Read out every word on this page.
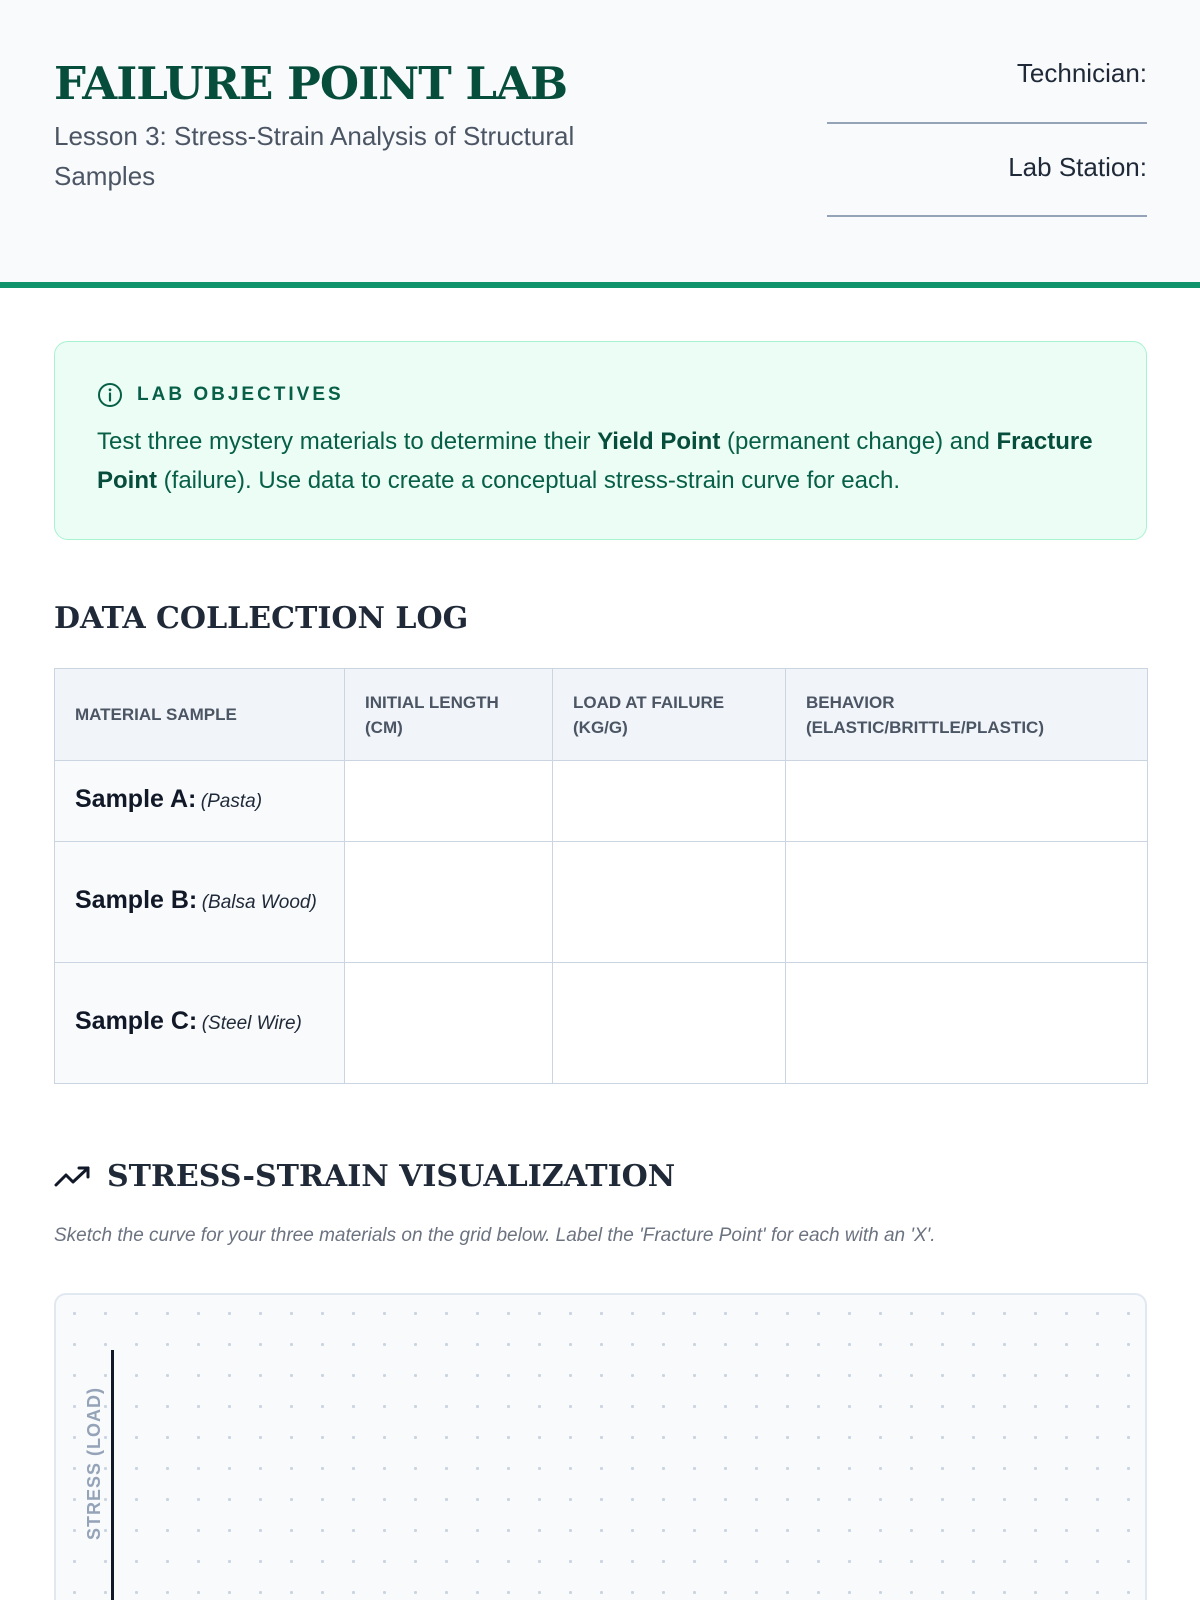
FAILURE POINT LAB
Lesson 3: Stress-Strain Analysis of Structural Samples
Technician:
Lab Station:
LAB OBJECTIVES

Test three mystery materials to determine their Yield Point (permanent change) and Fracture Point (failure). Use data to create a conceptual stress-strain curve for each.

DATA COLLECTION LOG
MATERIAL SAMPLE	INITIAL LENGTH (CM)	LOAD AT FAILURE (KG/G)	BEHAVIOR (ELASTIC/BRITTLE/PLASTIC)
Sample A: (Pasta)			
Sample B: (Balsa Wood)			
Sample C: (Steel Wire)			
STRESS-STRAIN VISUALIZATION

Sketch the curve for your three materials on the grid below. Label the 'Fracture Point' for each with an 'X'.

STRESS (LOAD)
